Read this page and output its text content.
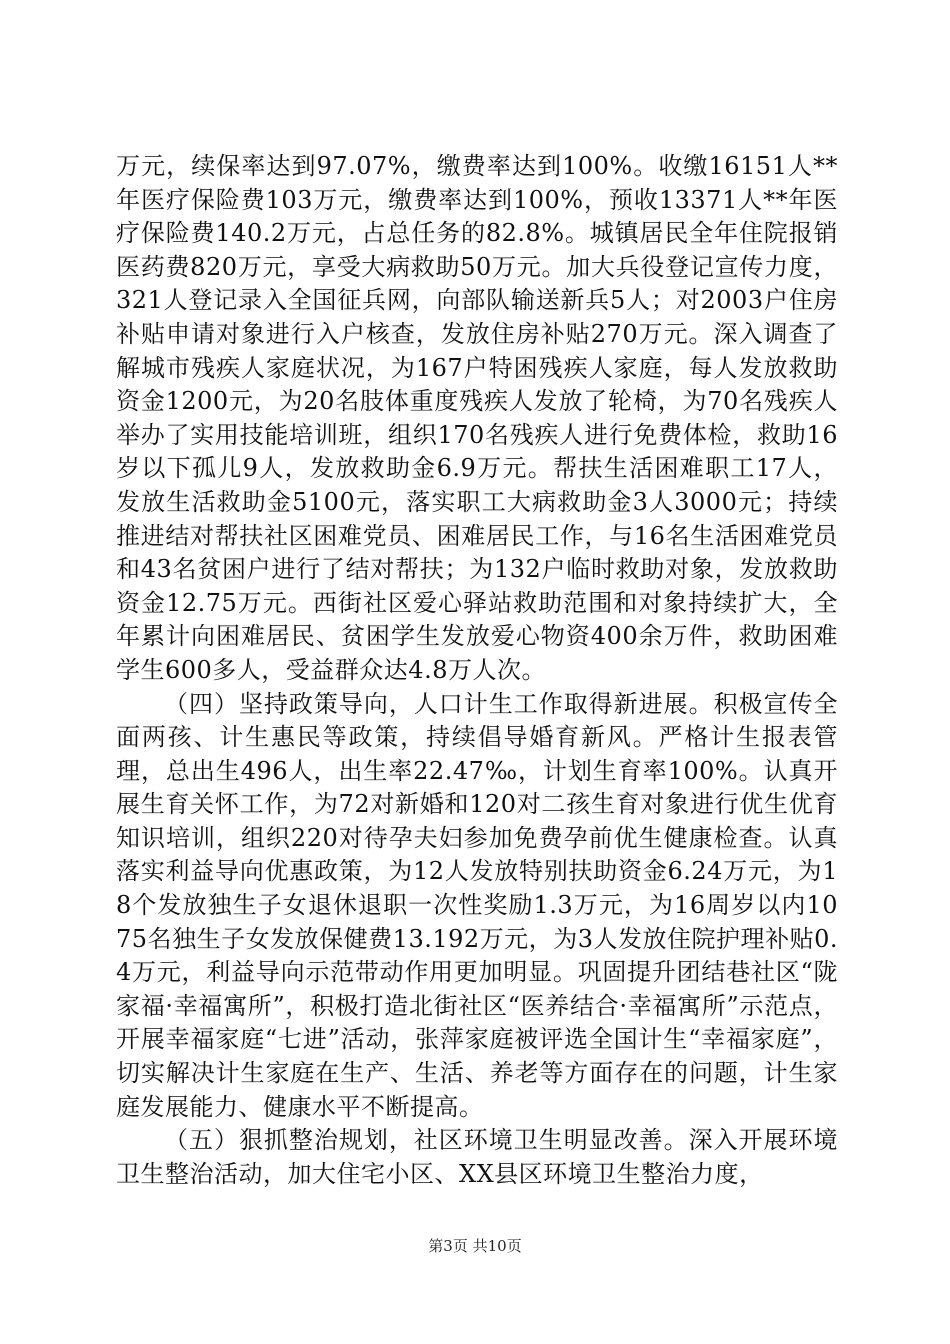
万元，续保率达到97.07%，缴费率达到100%。收缴16151人**年医疗保险费103万元，缴费率达到100%，预收13371人**年医疗保险费140.2万元，占总任务的82.8%。城镇居民全年住院报销医药费820万元，享受大病救助50万元。加大兵役登记宣传力度，321人登记录入全国征兵网，向部队输送新兵5人；对2003户住房补贴申请对象进行入户核查，发放住房补贴270万元。深入调查了解城市残疾人家庭状况，为167户特困残疾人家庭，每人发放救助资金1200元，为20名肢体重度残疾人发放了轮椅，为70名残疾人举办了实用技能培训班，组织170名残疾人进行免费体检，救助16岁以下孤儿9人，发放救助金6.9万元。帮扶生活困难职工17人，发放生活救助金5100元，落实职工大病救助金3人3000元；持续推进结对帮扶社区困难党员、困难居民工作，与16名生活困难党员和43名贫困户进行了结对帮扶；为132户临时救助对象，发放救助资金12.75万元。西街社区爱心驿站救助范围和对象持续扩大，全年累计向困难居民、贫困学生发放爱心物资400余万件，救助困难学生600多人，受益群众达4.8万人次。

（四）坚持政策导向，人口计生工作取得新进展。积极宣传全面两孩、计生惠民等政策，持续倡导婚育新风。严格计生报表管理，总出生496人，出生率22.47‰，计划生育率100%。认真开展生育关怀工作，为72对新婚和120对二孩生育对象进行优生优育知识培训，组织220对待孕夫妇参加免费孕前优生健康检查。认真落实利益导向优惠政策，为12人发放特别扶助资金6.24万元，为18个发放独生子女退休退职一次性奖励1.3万元，为16周岁以内1075名独生子女发放保健费13.192万元，为3人发放住院护理补贴0.4万元，利益导向示范带动作用更加明显。巩固提升团结巷社区“陇家福·幸福寓所”，积极打造北街社区“医养结合·幸福寓所”示范点，开展幸福家庭“七进”活动，张萍家庭被评选全国计生“幸福家庭”，切实解决计生家庭在生产、生活、养老等方面存在的问题，计生家庭发展能力、健康水平不断提高。

（五）狠抓整治规划，社区环境卫生明显改善。深入开展环境卫生整治活动，加大住宅小区、XX县区环境卫生整治力度，

第3页 共10页
